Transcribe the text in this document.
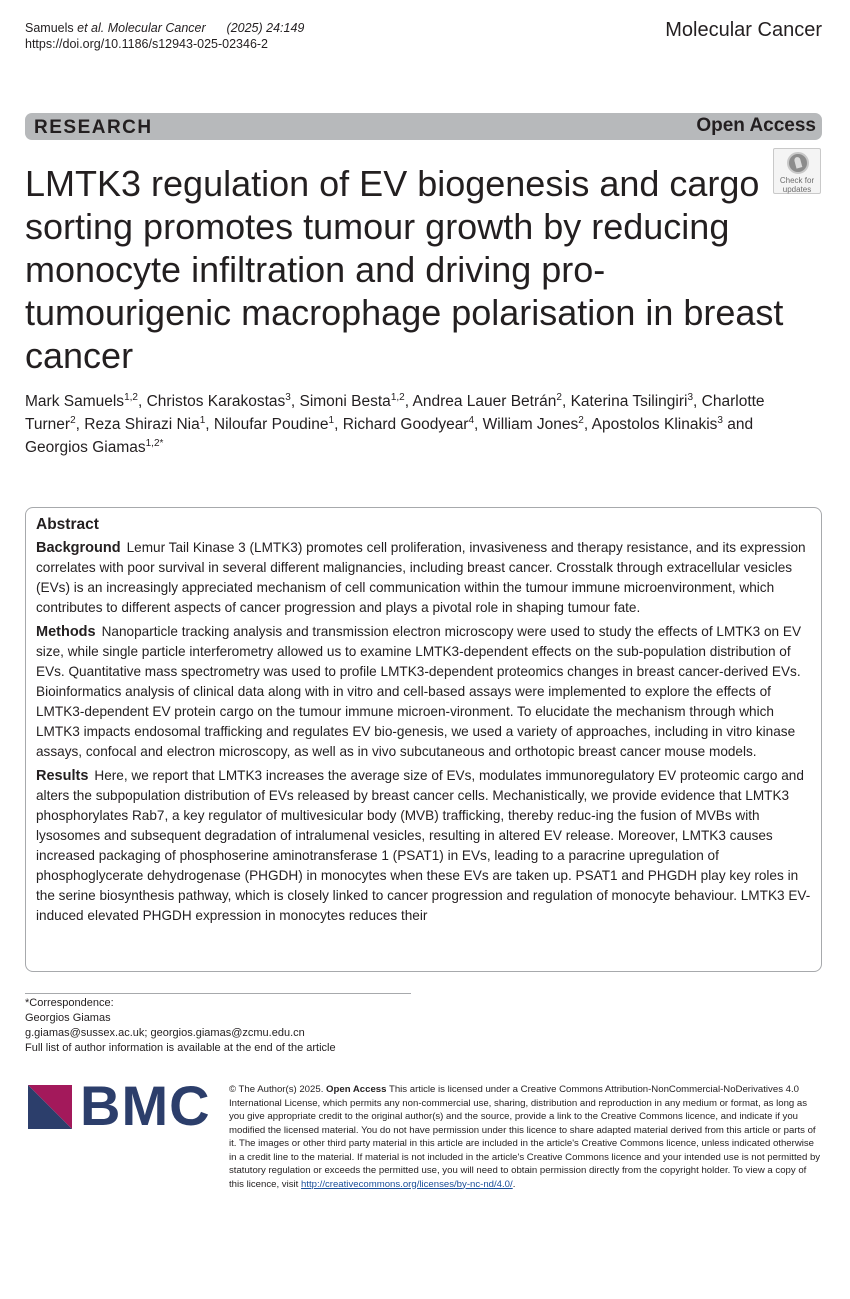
Samuels et al. Molecular Cancer (2025) 24:149
https://doi.org/10.1186/s12943-025-02346-2
Molecular Cancer
RESEARCH	Open Access
Check for updates
LMTK3 regulation of EV biogenesis and cargo sorting promotes tumour growth by reducing monocyte infiltration and driving pro-tumourigenic macrophage polarisation in breast cancer
Mark Samuels$^{1,2}$, Christos Karakostas$^3$, Simoni Besta$^{1,2}$, Andrea Lauer Betrán$^2$, Katerina Tsilingiri$^3$, Charlotte Turner$^2$, Reza Shirazi Nia$^1$, Niloufar Poudine$^1$, Richard Goodyear$^4$, William Jones$^2$, Apostolos Klinakis$^3$ and Georgios Giamas$^{1,2*}$
Abstract

Background Lemur Tail Kinase 3 (LMTK3) promotes cell proliferation, invasiveness and therapy resistance, and its expression correlates with poor survival in several different malignancies, including breast cancer. Crosstalk through extracellular vesicles (EVs) is an increasingly appreciated mechanism of cell communication within the tumour immune microenvironment, which contributes to different aspects of cancer progression and plays a pivotal role in shaping tumour fate.

Methods Nanoparticle tracking analysis and transmission electron microscopy were used to study the effects of LMTK3 on EV size, while single particle interferometry allowed us to examine LMTK3-dependent effects on the sub-population distribution of EVs. Quantitative mass spectrometry was used to profile LMTK3-dependent proteomics changes in breast cancer-derived EVs. Bioinformatics analysis of clinical data along with in vitro and cell-based assays were implemented to explore the effects of LMTK3-dependent EV protein cargo on the tumour immune microen-vironment. To elucidate the mechanism through which LMTK3 impacts endosomal trafficking and regulates EV bio-genesis, we used a variety of approaches, including in vitro kinase assays, confocal and electron microscopy, as well as in vivo subcutaneous and orthotopic breast cancer mouse models.

Results Here, we report that LMTK3 increases the average size of EVs, modulates immunoregulatory EV proteomic cargo and alters the subpopulation distribution of EVs released by breast cancer cells. Mechanistically, we provide evidence that LMTK3 phosphorylates Rab7, a key regulator of multivesicular body (MVB) trafficking, thereby reduc-ing the fusion of MVBs with lysosomes and subsequent degradation of intralumenal vesicles, resulting in altered EV release. Moreover, LMTK3 causes increased packaging of phosphoserine aminotransferase 1 (PSAT1) in EVs, leading to a paracrine upregulation of phosphoglycerate dehydrogenase (PHGDH) in monocytes when these EVs are taken up. PSAT1 and PHGDH play key roles in the serine biosynthesis pathway, which is closely linked to cancer progression and regulation of monocyte behaviour. LMTK3 EV-induced elevated PHGDH expression in monocytes reduces their

*Correspondence:
Georgios Giamas
g.giamas@sussex.ac.uk; georgios.giamas@zcmu.edu.cn
Full list of author information is available at the end of the article
BMC © The Author(s) 2025. Open Access This article is licensed under a Creative Commons Attribution-NonCommercial-NoDerivatives 4.0 International License, which permits any non-commercial use, sharing, distribution and reproduction in any medium or format, as long as you give appropriate credit to the original author(s) and the source, provide a link to the Creative Commons licence, and indicate if you modified the licensed material. You do not have permission under this licence to share adapted material derived from this article or parts of it. The images or other third party material in this article are included in the article's Creative Commons licence, unless indicated otherwise in a credit line to the material. If material is not included in the article's Creative Commons licence and your intended use is not permitted by statutory regulation or exceeds the permitted use, you will need to obtain permission directly from the copyright holder. To view a copy of this licence, visit http://creativecommons.org/licenses/by-nc-nd/4.0/.
